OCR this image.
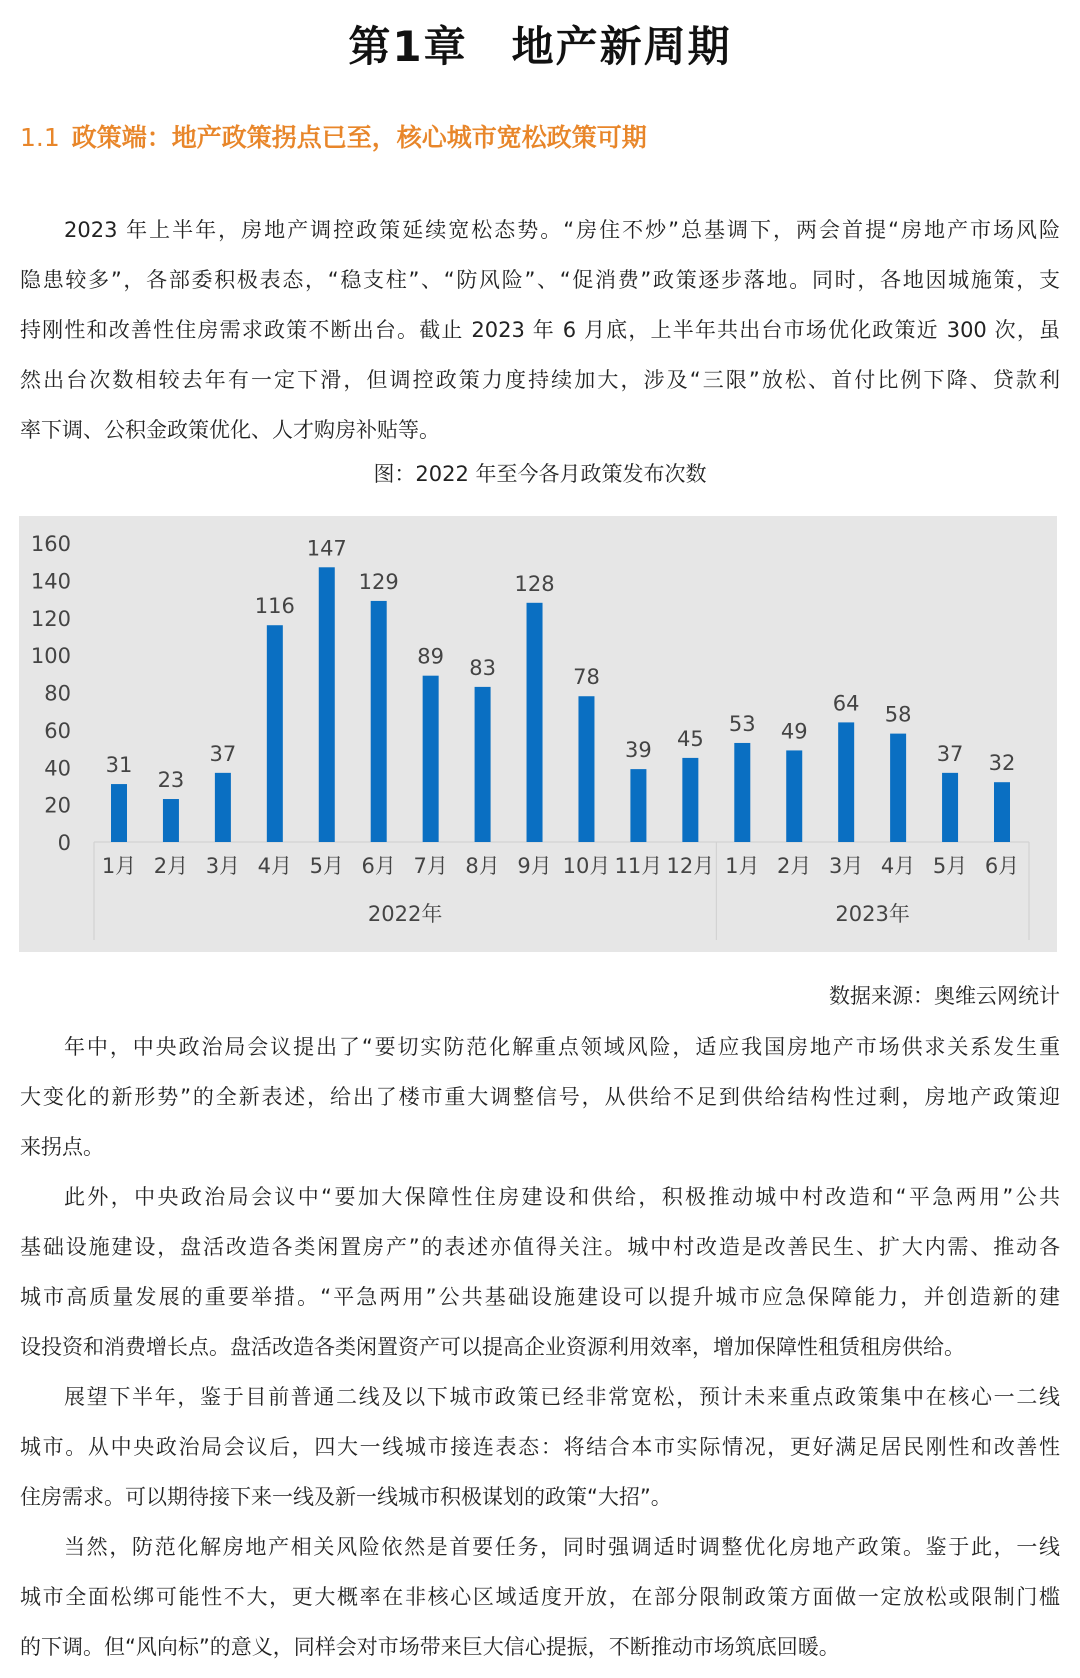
第1章　地产新周期
1.1 政策端：地产政策拐点已至，核心城市宽松政策可期
2023 年上半年，房地产调控政策延续宽松态势。“房住不炒”总基调下，两会首提“房地产市场风险
隐患较多”，各部委积极表态，“稳支柱”、“防风险”、“促消费”政策逐步落地。同时，各地因城施策，支
持刚性和改善性住房需求政策不断出台。截止 2023 年 6 月底，上半年共出台市场优化政策近 300 次，虽
然出台次数相较去年有一定下滑，但调控政策力度持续加大，涉及“三限”放松、首付比例下降、贷款利
率下调、公积金政策优化、人才购房补贴等。
图：2022 年至今各月政策发布次数
0
20
40
60
80
100
120
140
160
31
1月
23
2月
37
3月
116
4月
147
5月
129
6月
89
7月
83
8月
128
9月
78
10月
39
11月
45
12月
53
1月
49
2月
64
3月
58
4月
37
5月
32
6月
2022年	2023年
数据来源：奥维云网统计
年中，中央政治局会议提出了“要切实防范化解重点领域风险，适应我国房地产市场供求关系发生重
大变化的新形势”的全新表述，给出了楼市重大调整信号，从供给不足到供给结构性过剩，房地产政策迎
来拐点。
此外，中央政治局会议中“要加大保障性住房建设和供给，积极推动城中村改造和“平急两用”公共
基础设施建设，盘活改造各类闲置房产”的表述亦值得关注。城中村改造是改善民生、扩大内需、推动各
城市高质量发展的重要举措。“平急两用”公共基础设施建设可以提升城市应急保障能力，并创造新的建
设投资和消费增长点。盘活改造各类闲置资产可以提高企业资源利用效率，增加保障性租赁租房供给。
展望下半年，鉴于目前普通二线及以下城市政策已经非常宽松，预计未来重点政策集中在核心一二线
城市。从中央政治局会议后，四大一线城市接连表态：将结合本市实际情况，更好满足居民刚性和改善性
住房需求。可以期待接下来一线及新一线城市积极谋划的政策“大招”。
当然，防范化解房地产相关风险依然是首要任务，同时强调适时调整优化房地产政策。鉴于此，一线
城市全面松绑可能性不大，更大概率在非核心区域适度开放，在部分限制政策方面做一定放松或限制门槛
的下调。但“风向标”的意义，同样会对市场带来巨大信心提振，不断推动市场筑底回暖。
